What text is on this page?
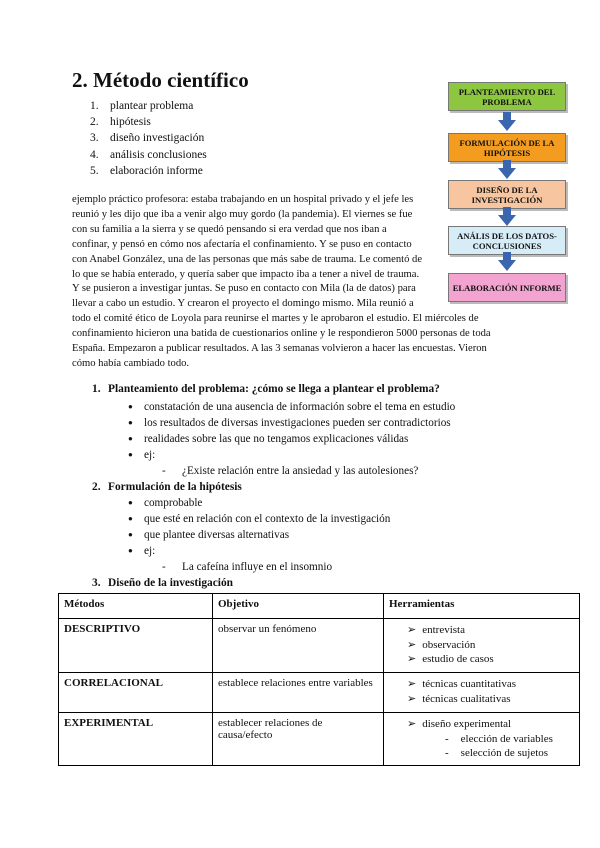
2. Método científico
1. plantear problema
2. hipótesis
3. diseño investigación
4. análisis conclusiones
5. elaboración informe
PLANTEAMIENTO DEL PROBLEMA
FORMULACIÓN DE LA HIPÓTESIS
DISEÑO DE LA INVESTIGACIÓN
ANÁLIS DE LOS DATOS-CONCLUSIONES
ELABORACIÓN INFORME
ejemplo práctico profesora: estaba trabajando en un hospital privado y el jefe les
reunió y les dijo que iba a venir algo muy gordo (la pandemia). El viernes se fue
con su familia a la sierra y se quedó pensando si era verdad que nos iban a
confinar, y pensó en cómo nos afectaría el confinamiento. Y se puso en contacto
con Anabel González, una de las personas que más sabe de trauma. Le comentó de
lo que se había enterado, y quería saber que impacto iba a tener a nivel de trauma.
Y se pusieron a investigar juntas. Se puso en contacto con Mila (la de datos) para
llevar a cabo un estudio. Y crearon el proyecto el domingo mismo. Mila reunió a
todo el comité ético de Loyola para reunirse el martes y le aprobaron el estudio. El miércoles de
confinamiento hicieron una batida de cuestionarios online y le respondieron 5000 personas de toda
España. Empezaron a publicar resultados. A las 3 semanas volvieron a hacer las encuestas. Vieron
cómo había cambiado todo.
1. Planteamiento del problema: ¿cómo se llega a plantear el problema?
● constatación de una ausencia de información sobre el tema en estudio
● los resultados de diversas investigaciones pueden ser contradictorios
● realidades sobre las que no tengamos explicaciones válidas
● ej:
- ¿Existe relación entre la ansiedad y las autolesiones?
2. Formulación de la hipótesis
● comprobable
● que esté en relación con el contexto de la investigación
● que plantee diversas alternativas
● ej:
- La cafeína influye en el insomnio
3. Diseño de la investigación
Métodos	Objetivo	Herramientas
DESCRIPTIVO	observar un fenómeno	➢ entrevista
➢ observación
➢ estudio de casos

CORRELACIONAL	establece relaciones entre variables	➢ técnicas cuantitativas
➢ técnicas cualitativas

EXPERIMENTAL	establecer relaciones de causa/efecto	➢ diseño experimental
- elección de variables
- selección de sujetos
